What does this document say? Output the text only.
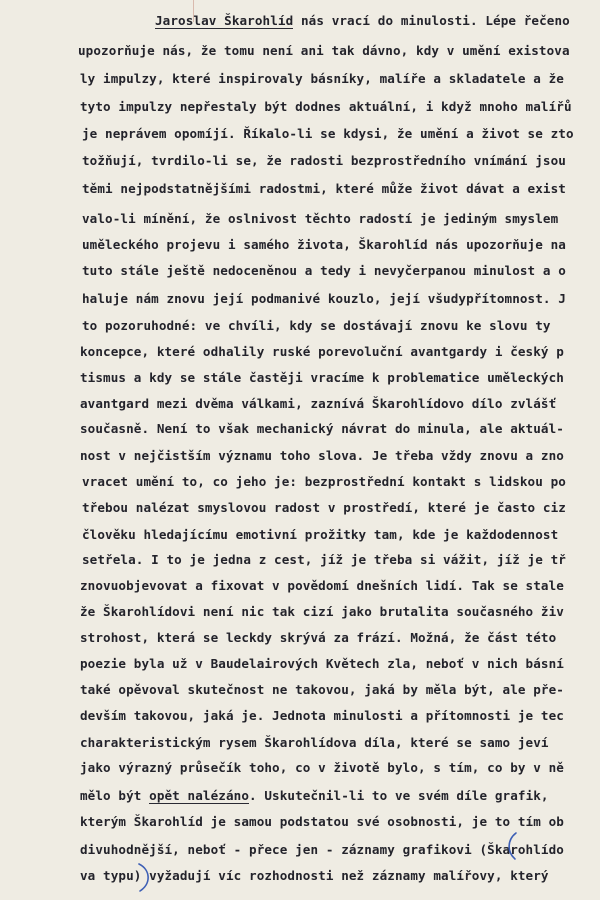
Jaroslav Škarohlíd nás vrací do minulosti. Lépe řečeno
upozorňuje nás, že tomu není ani tak dávno, kdy v umění existova
ly impulzy, které inspirovaly básníky, malíře a skladatele a že
tyto impulzy nepřestaly být dodnes aktuální, i když mnoho malířů
je neprávem opomíjí. Říkalo-li se kdysi, že umění a život se zto
tožňují, tvrdilo-li se, že radosti bezprostředního vnímání jsou
těmi nejpodstatnějšími radostmi, které může život dávat a exist
valo-li mínění, že oslnivost těchto radostí je jediným smyslem
uměleckého projevu i samého života, Škarohlíd nás upozorňuje na
tuto stále ještě nedoceněnou a tedy i nevyčerpanou minulost a o
haluje nám znovu její podmanivé kouzlo, její všudypřítomnost. J
to pozoruhodné: ve chvíli, kdy se dostávají znovu ke slovu ty
koncepce, které odhalily ruské porevoluční avantgardy i český p
tismus a kdy se stále častěji vracíme k problematice uměleckých
avantgard mezi dvěma válkami, zaznívá Škarohlídovo dílo zvlášť
současně. Není to však mechanický návrat do minula, ale aktuál-
nost v nejčistším významu toho slova. Je třeba vždy znovu a zno
vracet umění to, co jeho je: bezprostřední kontakt s lidskou po
třebou nalézat smyslovou radost v prostředí, které je často ciz
člověku hledajícímu emotivní prožitky tam, kde je každodennost
setřela. I to je jedna z cest, jíž je třeba si vážit, jíž je tř
znovuobjevovat a fixovat v povědomí dnešních lidí. Tak se stale
že Škarohlídovi není nic tak cizí jako brutalita současného živ
strohost, která se leckdy skrývá za frází. Možná, že část této
poezie byla už v Baudelairových Květech zla, neboť v nich básní
také opěvoval skutečnost ne takovou, jaká by měla být, ale pře-
devším takovou, jaká je. Jednota minulosti a přítomnosti je tec
charakteristickým rysem Škarohlídova díla, které se samo jeví
jako výrazný průsečík toho, co v životě bylo, s tím, co by v ně
mělo být opět nalézáno. Uskutečnil-li to ve svém díle grafik,
kterým Škarohlíd je samou podstatou své osobnosti, je to tím ob
divuhodnější, neboť - přece jen - záznamy grafikovi (Škarohlído
va typu) vyžadují víc rozhodnosti než záznamy malířovy, který
